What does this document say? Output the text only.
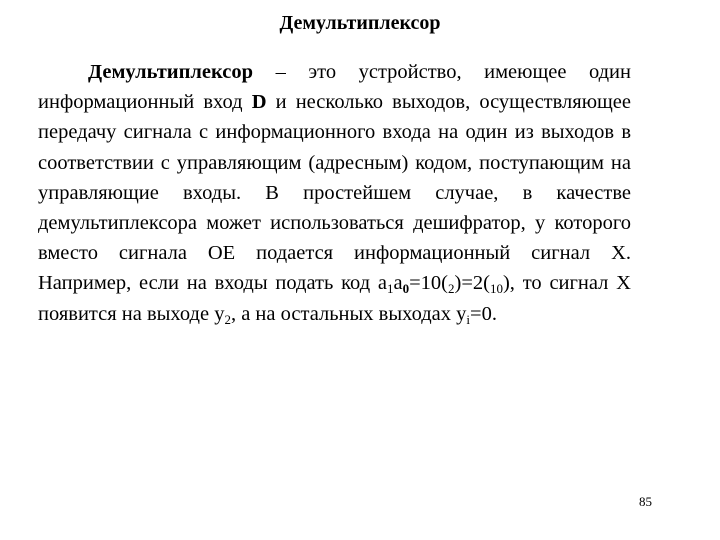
Демультиплексор

Демультиплексор – это устройство, имеющее один информационный вход D и несколько выходов, осуществляющее передачу сигнала с информационного входа на один из выходов в соответствии с управляющим (адресным) кодом, поступающим на управляющие входы. В простейшем случае, в качестве демультиплексора может использоваться дешифратор, у которого вместо сигнала OE подается информационный сигнал X. Например, если на входы подать код $a_1a_0=10(_2)=2(_{10})$, то сигнал X появится на выходе $y_2$, а на остальных выходах $y_i=0$.

85
